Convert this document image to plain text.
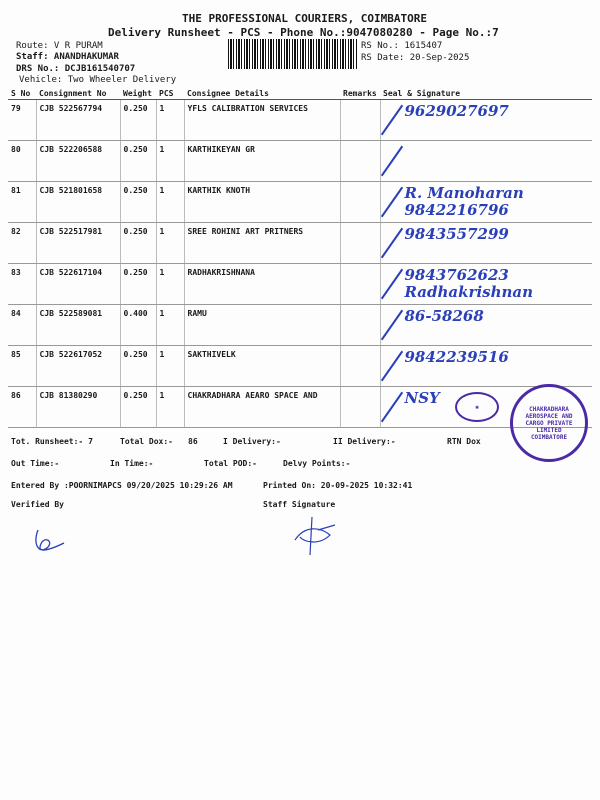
THE PROFESSIONAL COURIERS, COIMBATORE
Delivery Runsheet - PCS - Phone No.:9047080280 - Page No.:7
Route: V R PURAM
Staff: ANANDHAKUMAR
DRS No.: DCJB161540707
Vehicle: Two Wheeler Delivery
RS No.: 1615407
RS Date: 20-Sep-2025
S No	Consignment No	Weight	PCS	Consignee Details	Remarks	Seal & Signature
79	CJB 522567794	0.250	1	YFLS CALIBRATION SERVICES		9629027697

80	CJB 522206588	0.250	1	KARTHIKEYAN GR		

81	CJB 521801658	0.250	1	KARTHIK KNOTH		R. Manoharan 9842216796

82	CJB 522517981	0.250	1	SREE ROHINI ART PRITNERS		9843557299

83	CJB 522617104	0.250	1	RADHAKRISHNANA		9843762623 Radhakrishnan

84	CJB 522589081	0.400	1	RAMU		86-58268

85	CJB 522617052	0.250	1	SAKTHIVELK		9842239516

86	CJB 81380290	0.250	1	CHAKRADHARA AEARO SPACE AND		NSY	✱	CHAKRADHARA AEROSPACE AND CARGO PRIVATE LIMITED COIMBATORE
Tot. Runsheet:- 7	Total Dox:- 86	I Delivery:-	II Delivery:-	RTN Dox
Out Time:-	In Time:-	Total POD:-	Delvy Points:-
Entered By :POORNIMAPCS 09/20/2025 10:29:26 AM	Printed On: 20-09-2025 10:32:41
Verified By	Staff Signature
